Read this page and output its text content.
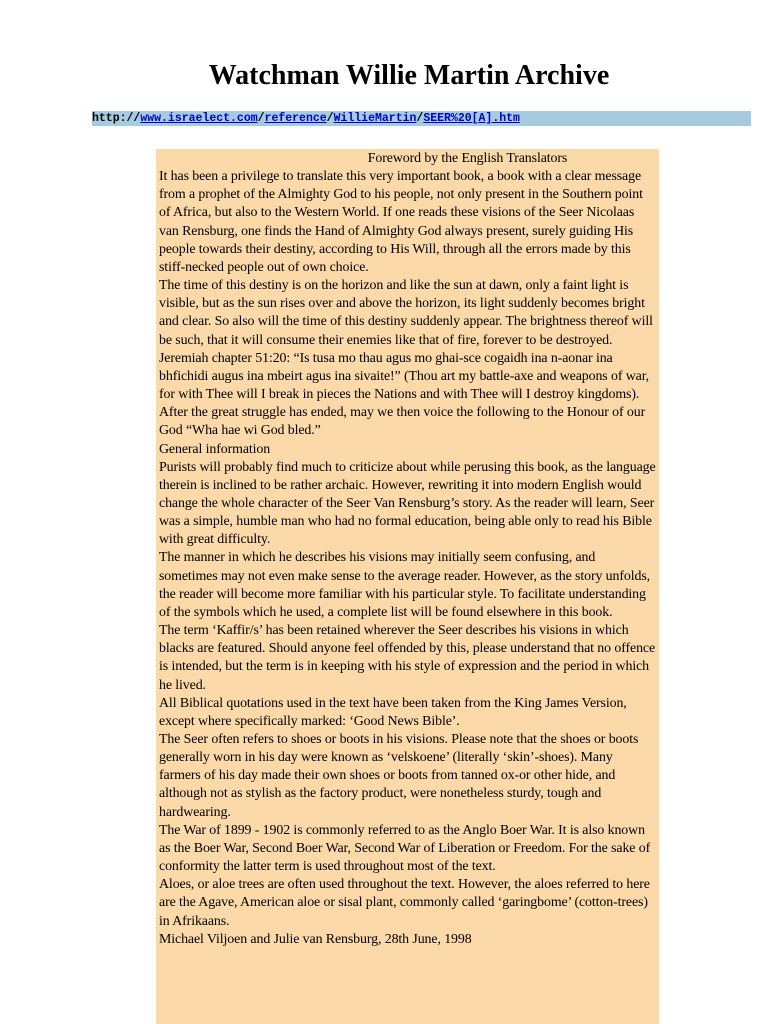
Watchman Willie Martin Archive
http://www.israelect.com/reference/WillieMartin/SEER%20[A].htm
Foreword by the English Translators

It has been a privilege to translate this very important book, a book with a clear message from a prophet of the Almighty God to his people, not only present in the Southern point of Africa, but also to the Western World. If one reads these visions of the Seer Nicolaas van Rensburg, one finds the Hand of Almighty God always present, surely guiding His people towards their destiny, according to His Will, through all the errors made by this stiff-necked people out of own choice.

The time of this destiny is on the horizon and like the sun at dawn, only a faint light is visible, but as the sun rises over and above the horizon, its light suddenly becomes bright and clear. So also will the time of this destiny suddenly appear. The brightness thereof will be such, that it will consume their enemies like that of fire, forever to be destroyed.

Jeremiah chapter 51:20: “Is tusa mo thau agus mo ghai-sce cogaidh ina n-aonar ina bhfichidi augus ina mbeirt agus ina sivaite!” (Thou art my battle-axe and weapons of war, for with Thee will I break in pieces the Nations and with Thee will I destroy kingdoms). After the great struggle has ended, may we then voice the following to the Honour of our God “Wha hae wi God bled.”

General information

Purists will probably find much to criticize about while perusing this book, as the language therein is inclined to be rather archaic. However, rewriting it into modern English would change the whole character of the Seer Van Rensburg’s story. As the reader will learn, Seer was a simple, humble man who had no formal education, being able only to read his Bible with great difficulty.

The manner in which he describes his visions may initially seem confusing, and sometimes may not even make sense to the average reader. However, as the story unfolds, the reader will become more familiar with his particular style. To facilitate understanding of the symbols which he used, a complete list will be found elsewhere in this book.

The term ‘Kaffir/s’ has been retained wherever the Seer describes his visions in which blacks are featured. Should anyone feel offended by this, please understand that no offence is intended, but the term is in keeping with his style of expression and the period in which he lived.

All Biblical quotations used in the text have been taken from the King James Version, except where specifically marked: ‘Good News Bible’.

The Seer often refers to shoes or boots in his visions. Please note that the shoes or boots generally worn in his day were known as ‘velskoene’ (literally ‘skin’-shoes). Many farmers of his day made their own shoes or boots from tanned ox-or other hide, and although not as stylish as the factory product, were nonetheless sturdy, tough and hardwearing.

The War of 1899 - 1902 is commonly referred to as the Anglo Boer War. It is also known as the Boer War, Second Boer War, Second War of Liberation or Freedom. For the sake of conformity the latter term is used throughout most of the text.

Aloes, or aloe trees are often used throughout the text. However, the aloes referred to here are the Agave, American aloe or sisal plant, commonly called ‘garingbome’ (cotton-trees) in Afrikaans.

Michael Viljoen and Julie van Rensburg, 28th June, 1998
